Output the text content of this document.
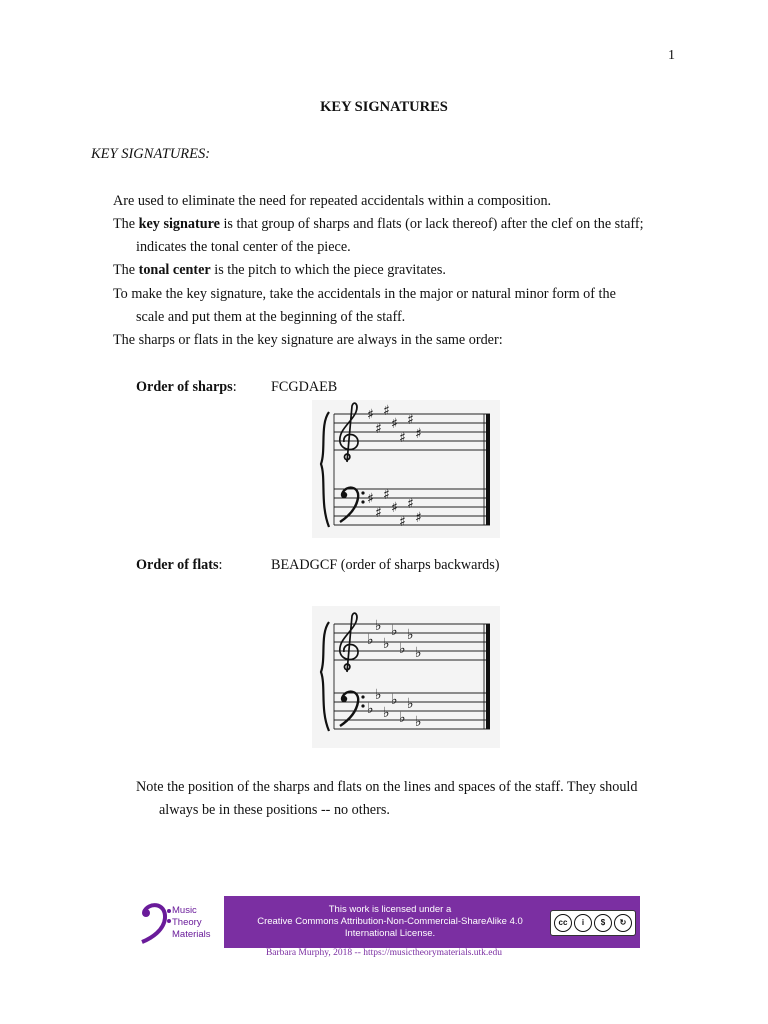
1
KEY SIGNATURES
KEY SIGNATURES:
Are used to eliminate the need for repeated accidentals within a composition.
The key signature is that group of sharps and flats (or lack thereof) after the clef on the staff;
indicates the tonal center of the piece.
The tonal center is the pitch to which the piece gravitates.
To make the key signature, take the accidentals in the major or natural minor form of the
scale and put them at the beginning of the staff.
The sharps or flats in the key signature are always in the same order:
Order of sharps: FCGDAEB
♯
♯
♯
♯
♯
♯
♯
♯
♯
♯
♯
♯
♯
♯
Order of flats:	BEADGCF (order of sharps backwards)
♭
♭
♭
♭
♭
♭
♭
♭
♭
♭
♭
♭
♭
♭
Note the position of the sharps and flats on the lines and spaces of the staff. They should
always be in these positions -- no others.
Music
Theory
Materials
This work is licensed under a
Creative Commons Attribution-Non-Commercial-ShareAlike 4.0
International License.
cc	i	$	↻
Barbara Murphy, 2018 -- https://musictheorymaterials.utk.edu
